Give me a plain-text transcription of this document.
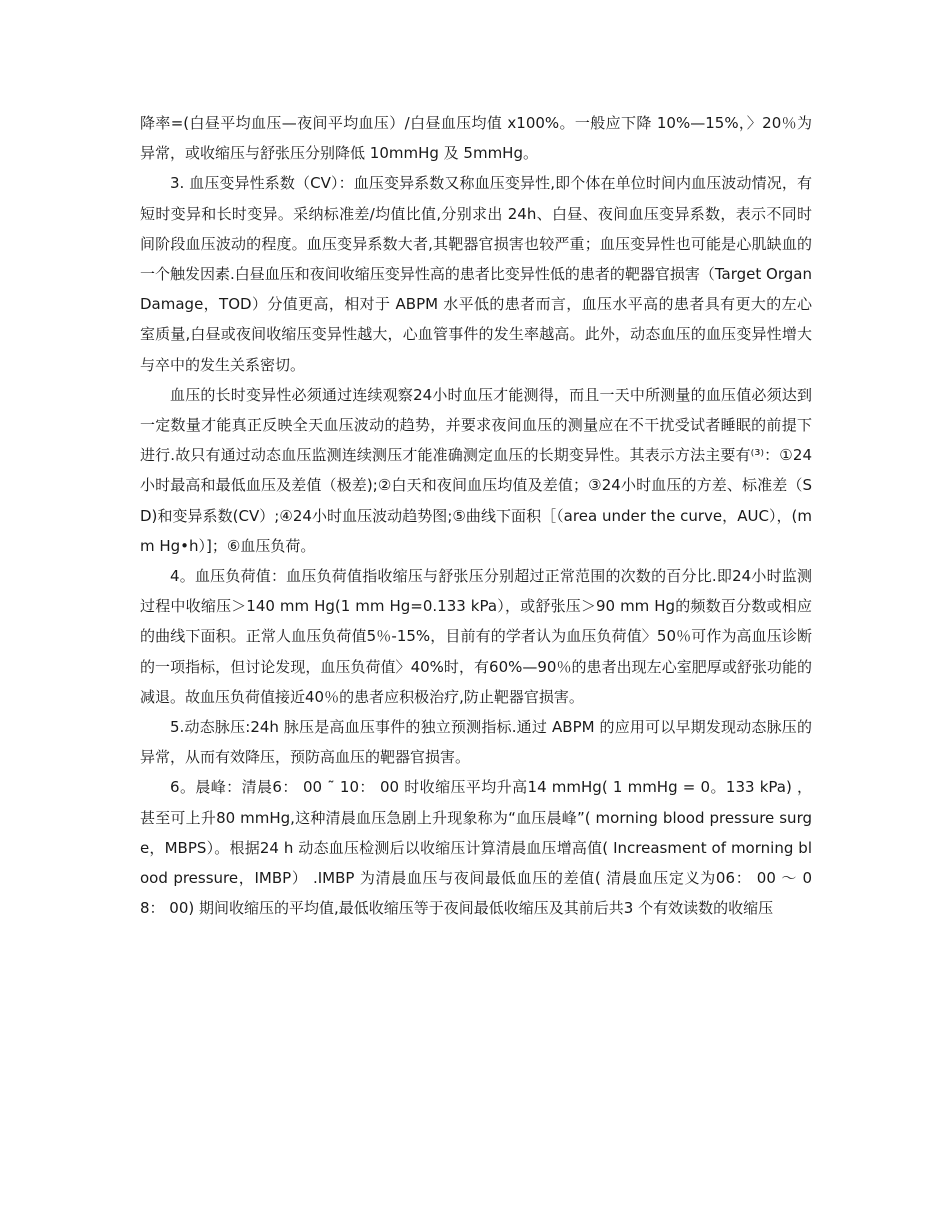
降率=(白昼平均血压—夜间平均血压）/白昼血压均值 x100%。一般应下降 10%—15%，〉20％为异常，或收缩压与舒张压分别降低 10mmHg 及 5mmHg。

3. 血压变异性系数（CV）：血压变异系数又称血压变异性,即个体在单位时间内血压波动情况，有短时变异和长时变异。采纳标准差/均值比值,分别求出 24h、白昼、夜间血压变异系数，表示不同时间阶段血压波动的程度。血压变异系数大者,其靶器官损害也较严重；血压变异性也可能是心肌缺血的一个触发因素.白昼血压和夜间收缩压变异性高的患者比变异性低的患者的靶器官损害（Target Organ Damage，TOD）分值更高，相对于 ABPM 水平低的患者而言，血压水平高的患者具有更大的左心室质量,白昼或夜间收缩压变异性越大，心血管事件的发生率越高。此外，动态血压的血压变异性增大与卒中的发生关系密切。

血压的长时变异性必须通过连续观察24小时血压才能测得，而且一天中所测量的血压值必须达到一定数量才能真正反映全天血压波动的趋势，并要求夜间血压的测量应在不干扰受试者睡眠的前提下进行.故只有通过动态血压监测连续测压才能准确测定血压的长期变异性。其表示方法主要有⁽³⁾：①24小时最高和最低血压及差值（极差);②白天和夜间血压均值及差值；③24小时血压的方差、标准差（SD)和变异系数(CV）;④24小时血压波动趋势图;⑤曲线下面积［（area under the curve，AUC），(mm Hg•h）]；⑥血压负荷。

4。血压负荷值：血压负荷值指收缩压与舒张压分别超过正常范围的次数的百分比.即24小时监测过程中收缩压＞140 mm Hg(1 mm Hg=0.133 kPa），或舒张压＞90 mm Hg的频数百分数或相应的曲线下面积。正常人血压负荷值5％-15%，目前有的学者认为血压负荷值〉50％可作为高血压诊断的一项指标，但讨论发现，血压负荷值〉40%时，有60%—90％的患者出现左心室肥厚或舒张功能的减退。故血压负荷值接近40％的患者应积极治疗,防止靶器官损害。

5.动态脉压:24h 脉压是高血压事件的独立预测指标.通过 ABPM 的应用可以早期发现动态脉压的异常，从而有效降压，预防高血压的靶器官损害。

6。晨峰：清晨6： 00 ˜ 10： 00 时收缩压平均升高14 mmHg( 1 mmHg = 0。133 kPa) ，甚至可上升80 mmHg,这种清晨血压急剧上升现象称为“血压晨峰”( morning blood pressure surge，MBPS）。根据24 h 动态血压检测后以收缩压计算清晨血压增高值( Increasment of morning blood pressure，IMBP） .IMBP 为清晨血压与夜间最低血压的差值( 清晨血压定义为06： 00 ～ 08： 00) 期间收缩压的平均值,最低收缩压等于夜间最低收缩压及其前后共3 个有效读数的收缩压
